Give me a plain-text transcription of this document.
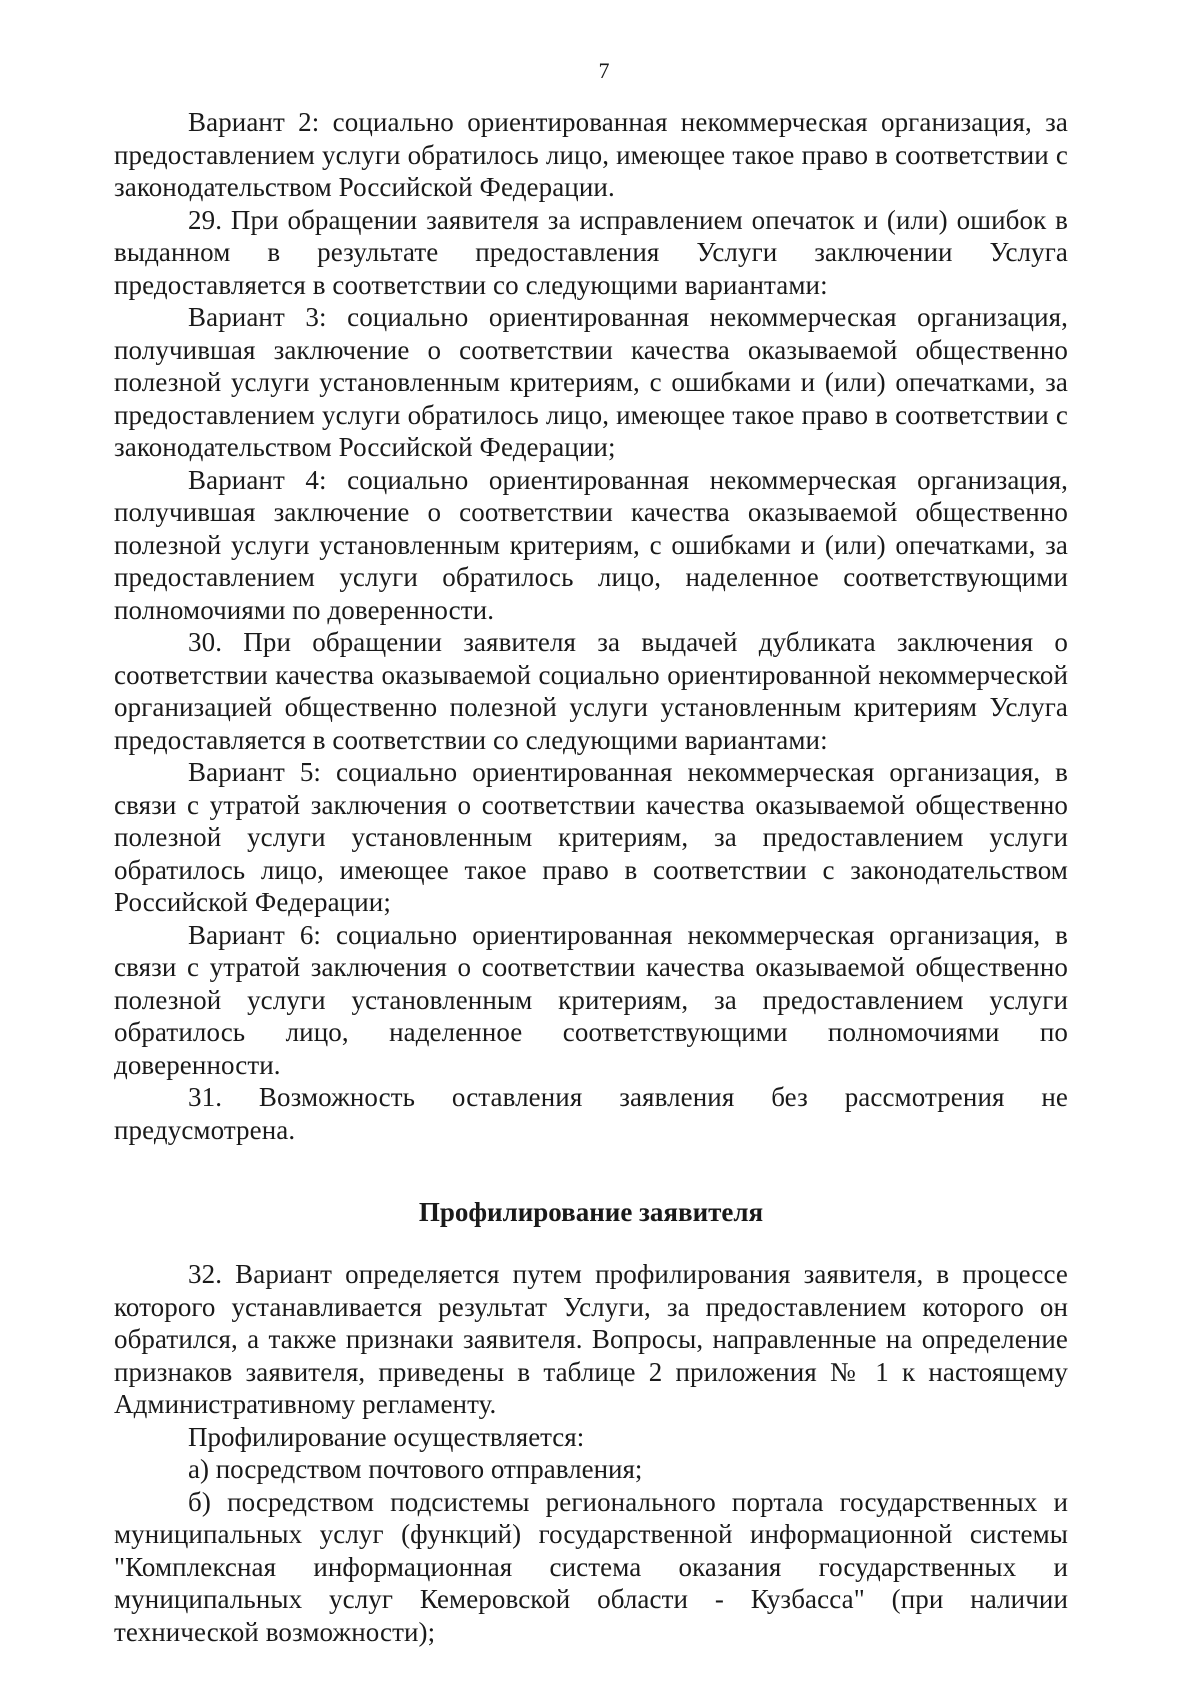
7

Вариант 2: социально ориентированная некоммерческая организация, за предоставлением услуги обратилось лицо, имеющее такое право в соответствии с законодательством Российской Федерации.

29. При обращении заявителя за исправлением опечаток и (или) ошибок в выданном в результате предоставления Услуги заключении Услуга предоставляется в соответствии со следующими вариантами:

Вариант 3: социально ориентированная некоммерческая организация, получившая заключение о соответствии качества оказываемой общественно полезной услуги установленным критериям, с ошибками и (или) опечатками, за предоставлением услуги обратилось лицо, имеющее такое право в соответствии с законодательством Российской Федерации;

Вариант 4: социально ориентированная некоммерческая организация, получившая заключение о соответствии качества оказываемой общественно полезной услуги установленным критериям, с ошибками и (или) опечатками, за предоставлением услуги обратилось лицо, наделенное соответствующими полномочиями по доверенности.

30. При обращении заявителя за выдачей дубликата заключения о соответствии качества оказываемой социально ориентированной некоммерческой организацией общественно полезной услуги установленным критериям Услуга предоставляется в соответствии со следующими вариантами:

Вариант 5: социально ориентированная некоммерческая организация, в связи с утратой заключения о соответствии качества оказываемой общественно полезной услуги установленным критериям, за предоставлением услуги обратилось лицо, имеющее такое право в соответствии с законодательством Российской Федерации;

Вариант 6: социально ориентированная некоммерческая организация, в связи с утратой заключения о соответствии качества оказываемой общественно полезной услуги установленным критериям, за предоставлением услуги обратилось лицо, наделенное соответствующими полномочиями по доверенности.

31. Возможность оставления заявления без рассмотрения не предусмотрена.

Профилирование заявителя

32. Вариант определяется путем профилирования заявителя, в процессе которого устанавливается результат Услуги, за предоставлением которого он обратился, а также признаки заявителя. Вопросы, направленные на определение признаков заявителя, приведены в таблице 2 приложения № 1 к настоящему Административному регламенту.

Профилирование осуществляется:

а) посредством почтового отправления;

б) посредством подсистемы регионального портала государственных и муниципальных услуг (функций) государственной информационной системы "Комплексная информационная система оказания государственных и муниципальных услуг Кемеровской области - Кузбасса" (при наличии технической возможности);
